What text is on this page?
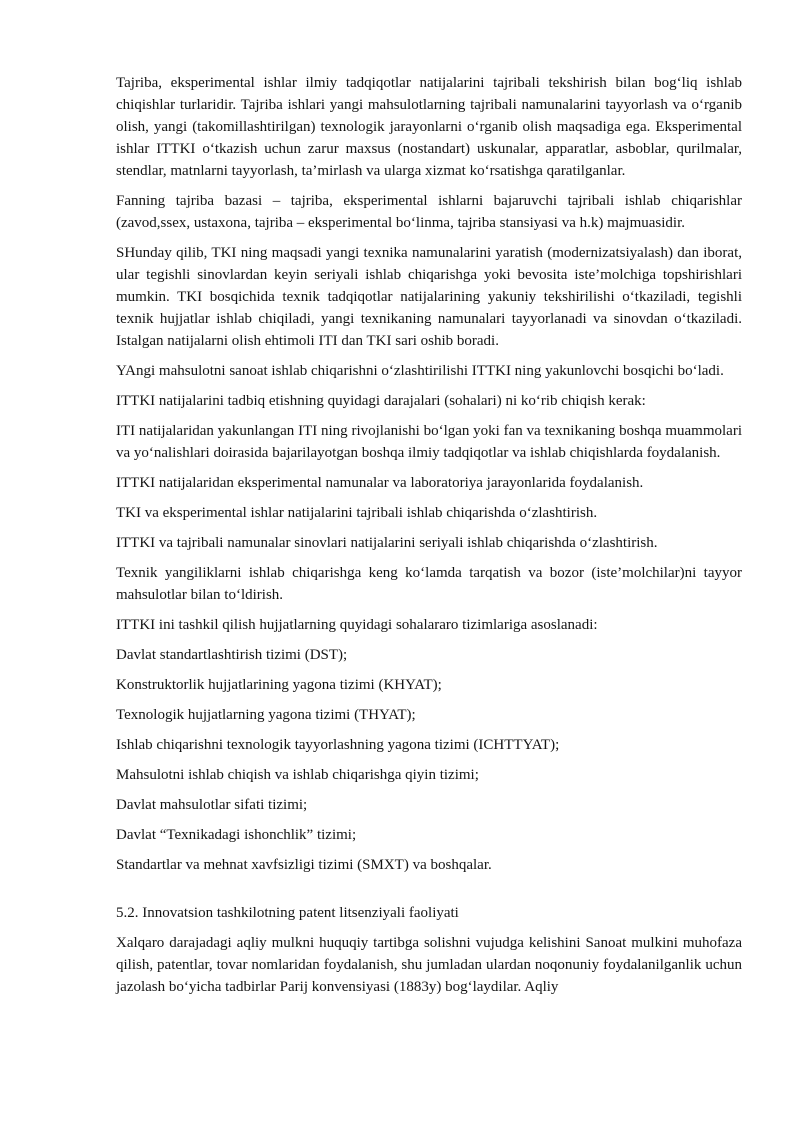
Tajriba, eksperimental ishlar ilmiy tadqiqotlar natijalarini tajribali tekshirish bilan bog‘liq ishlab chiqishlar turlaridir. Tajriba ishlari yangi mahsulotlarning tajribali namunalarini tayyorlash va o‘rganib olish, yangi (takomillashtirilgan) texnologik jarayonlarni o‘rganib olish maqsadiga ega. Eksperimental ishlar ITTKI o‘tkazish uchun zarur maxsus (nostandart) uskunalar, apparatlar, asboblar, qurilmalar, stendlar, matnlarni tayyorlash, ta’mirlash va ularga xizmat ko‘rsatishga qaratilganlar.

Fanning tajriba bazasi – tajriba, eksperimental ishlarni bajaruvchi tajribali ishlab chiqarishlar (zavod,ssex, ustaxona, tajriba – eksperimental bo‘linma, tajriba stansiyasi va h.k) majmuasidir.

SHunday qilib, TKI ning maqsadi yangi texnika namunalarini yaratish (modernizatsiyalash) dan iborat, ular tegishli sinovlardan keyin seriyali ishlab chiqarishga yoki bevosita iste’molchiga topshirishlari mumkin. TKI bosqichida texnik tadqiqotlar natijalarining yakuniy tekshirilishi o‘tkaziladi, tegishli texnik hujjatlar ishlab chiqiladi, yangi texnikaning namunalari tayyorlanadi va sinovdan o‘tkaziladi. Istalgan natijalarni olish ehtimoli ITI dan TKI sari oshib boradi.

YAngi mahsulotni sanoat ishlab chiqarishni o‘zlashtirilishi ITTKI ning yakunlovchi bosqichi bo‘ladi.

ITTKI natijalarini tadbiq etishning quyidagi darajalari (sohalari) ni ko‘rib chiqish kerak:

ITI natijalaridan yakunlangan ITI ning rivojlanishi bo‘lgan yoki fan va texnikaning boshqa muammolari va yo‘nalishlari doirasida bajarilayotgan boshqa ilmiy tadqiqotlar va ishlab chiqishlarda foydalanish.

ITTKI natijalaridan eksperimental namunalar va laboratoriya jarayonlarida foydalanish.

TKI va eksperimental ishlar natijalarini tajribali ishlab chiqarishda o‘zlashtirish.

ITTKI va tajribali namunalar sinovlari natijalarini seriyali ishlab chiqarishda o‘zlashtirish.

Texnik yangiliklarni ishlab chiqarishga keng ko‘lamda tarqatish va bozor (iste’molchilar)ni tayyor mahsulotlar bilan to‘ldirish.

ITTKI ini tashkil qilish hujjatlarning quyidagi sohalararo tizimlariga asoslanadi:

Davlat standartlashtirish tizimi (DST);

Konstruktorlik hujjatlarining yagona tizimi (KHYAT);

Texnologik hujjatlarning yagona tizimi (THYAT);

Ishlab chiqarishni texnologik tayyorlashning yagona tizimi (ICHTTYAT);

Mahsulotni ishlab chiqish va ishlab chiqarishga qiyin tizimi;

Davlat mahsulotlar sifati tizimi;

Davlat “Texnikadagi ishonchlik” tizimi;

Standartlar va mehnat xavfsizligi tizimi (SMXT) va boshqalar.

5.2. Innovatsion tashkilotning patent litsenziyali faoliyati

Xalqaro darajadagi aqliy mulkni huquqiy tartibga solishni vujudga kelishini Sanoat mulkini muhofaza qilish, patentlar, tovar nomlaridan foydalanish, shu jumladan ulardan noqonuniy foydalanilganlik uchun jazolash bo‘yicha tadbirlar Parij konvensiyasi (1883y) bog‘laydilar. Aqliy
